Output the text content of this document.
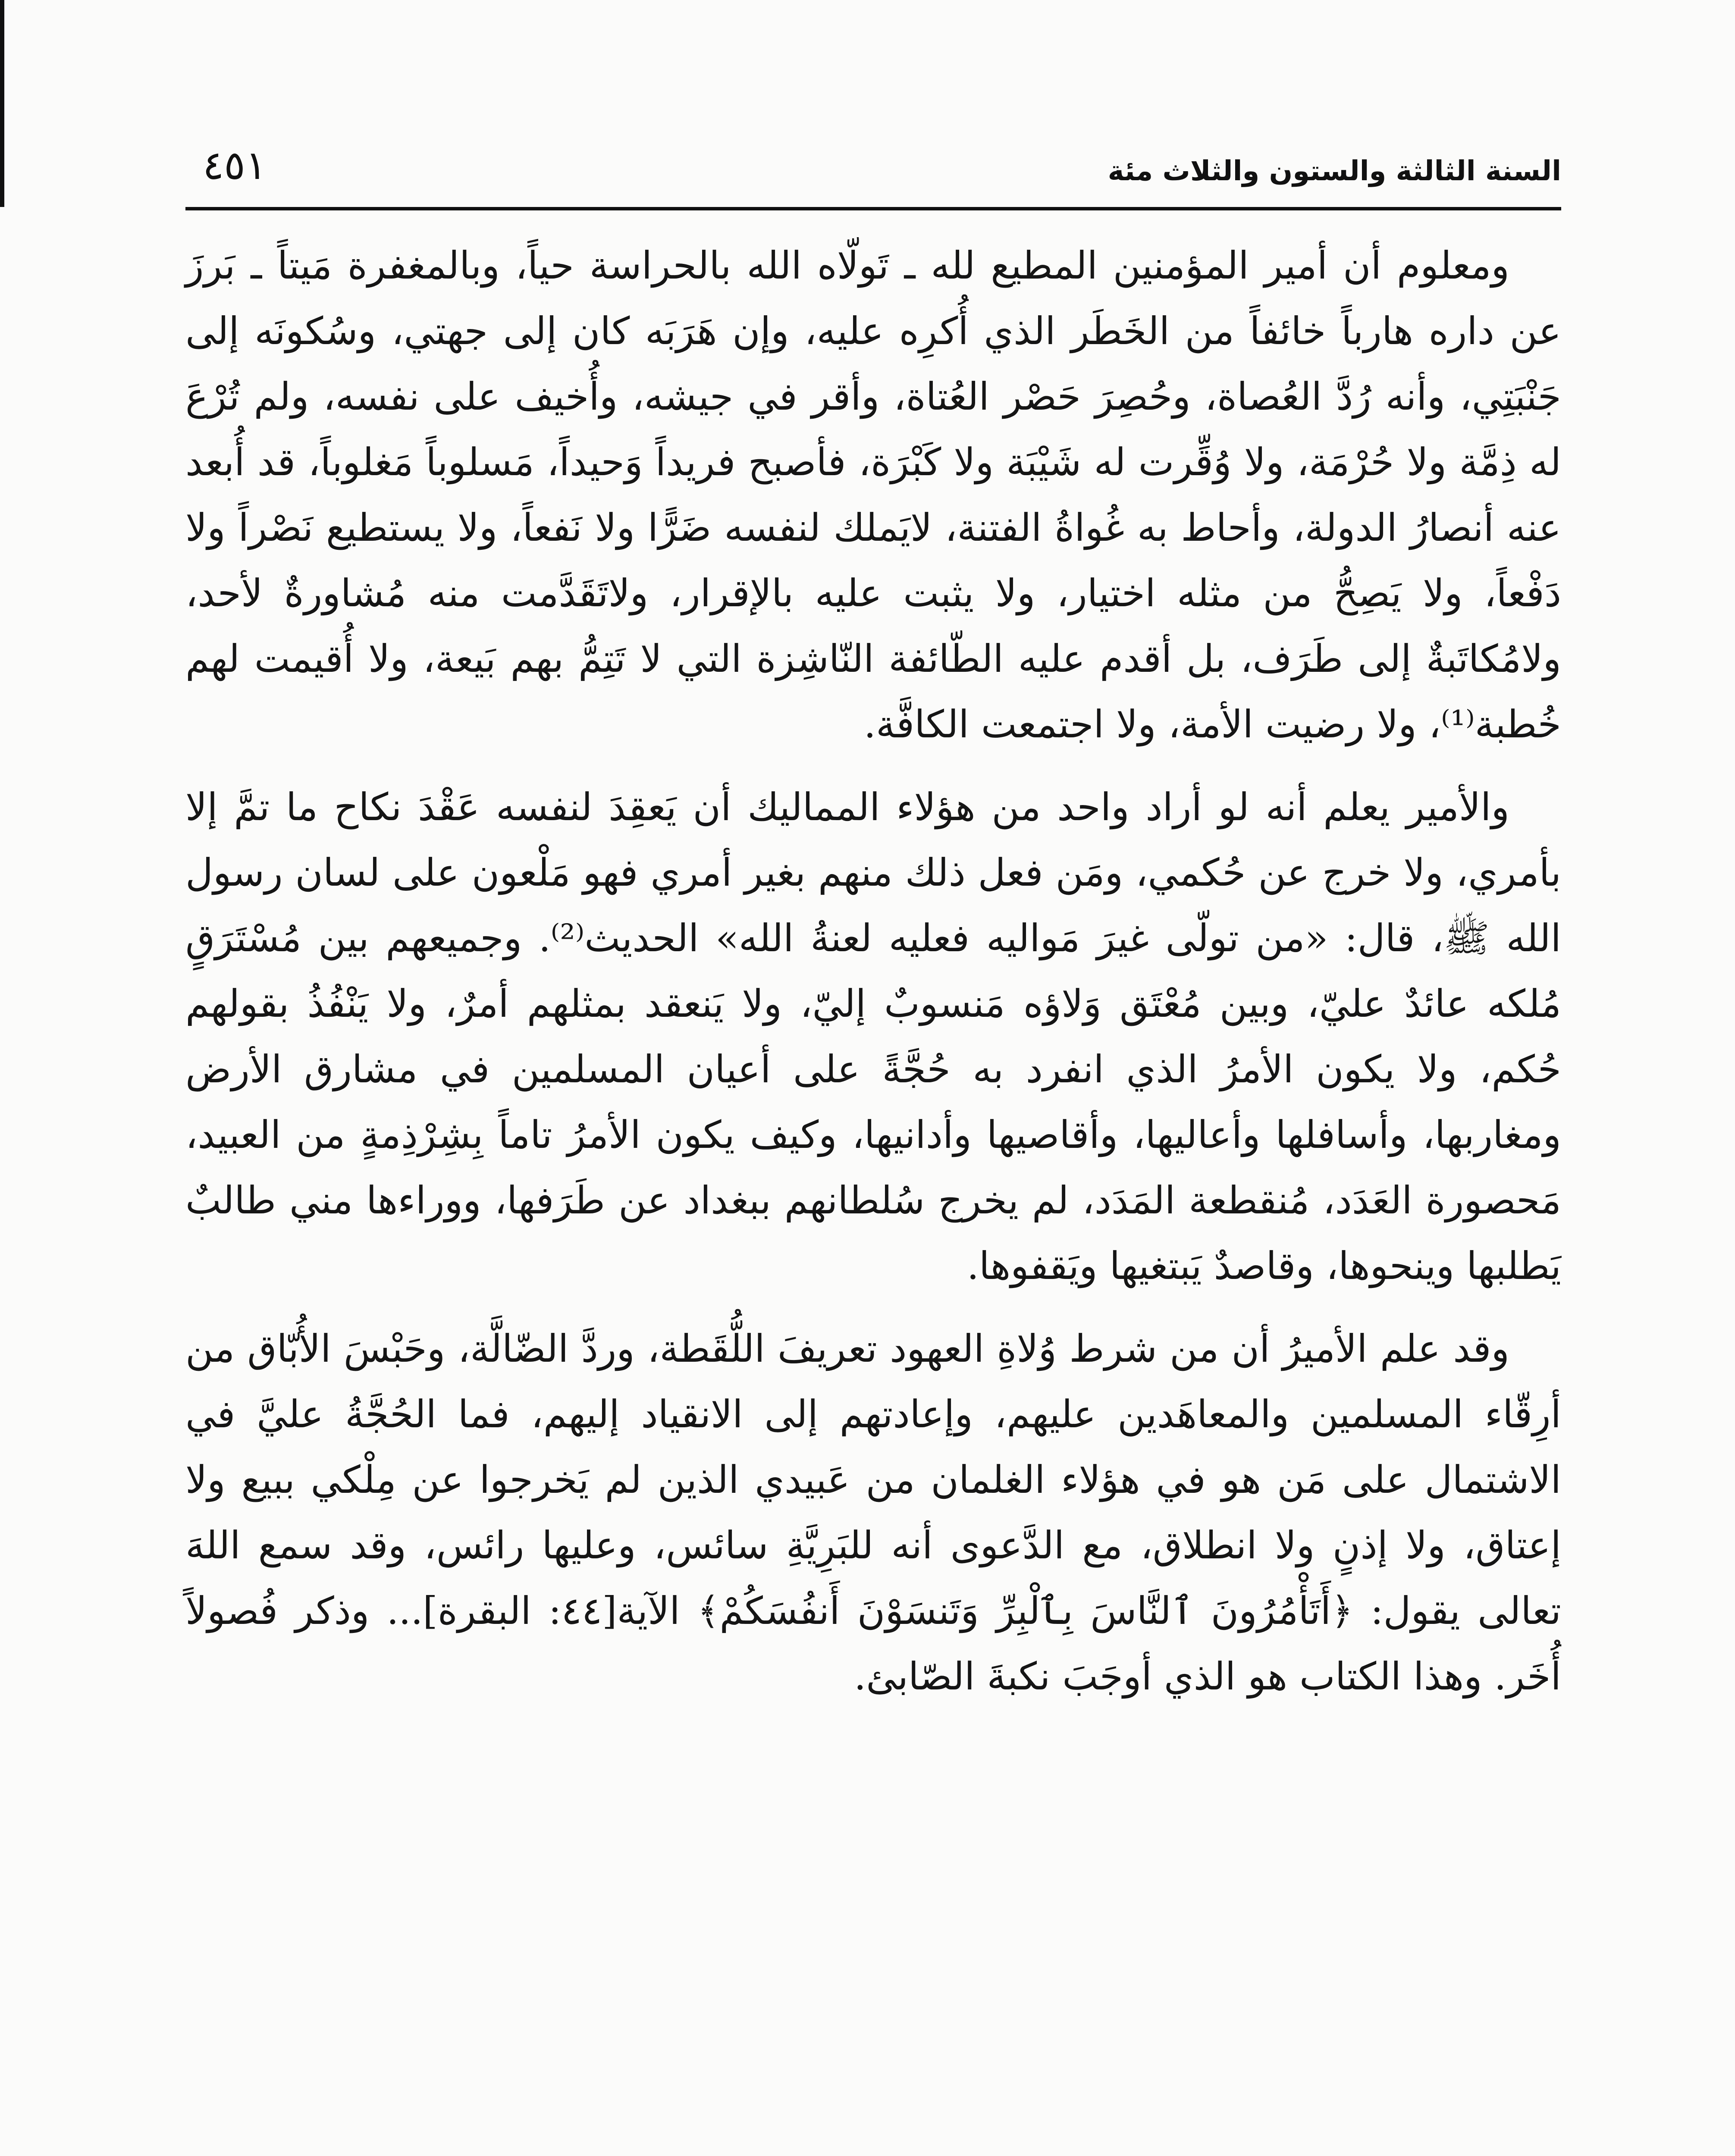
السنة الثالثة والستون والثلاث مئة
٤٥١

ومعلوم أن أمير المؤمنين المطيع لله ـ تَولّاه الله بالحراسة حياً، وبالمغفرة مَيتاً ـ بَرزَ عن داره هارباً خائفاً من الخَطَر الذي أُكرِه عليه، وإن هَرَبَه كان إلى جهتي، وسُكونَه إلى جَنْبَتِي، وأنه رُدَّ العُصاة، وحُصِرَ حَصْر العُتاة، وأقر في جيشه، وأُخيف على نفسه، ولم تُرْعَ له ذِمَّة ولا حُرْمَة، ولا وُقِّرت له شَيْبَة ولا كَبْرَة، فأصبح فريداً وَحيداً، مَسلوباً مَغلوباً، قد أُبعد عنه أنصارُ الدولة، وأحاط به غُواةُ الفتنة، لايَملك لنفسه ضَرًّا ولا نَفعاً، ولا يستطيع نَصْراً ولا دَفْعاً، ولا يَصِحُّ من مثله اختيار، ولا يثبت عليه بالإقرار، ولاتَقَدَّمت منه مُشاورةٌ لأحد، ولامُكاتَبةٌ إلى طَرَف، بل أقدم عليه الطّائفة النّاشِزة التي لا تَتِمُّ بهم بَيعة، ولا أُقيمت لهم خُطبة⁽¹⁾، ولا رضيت الأمة، ولا اجتمعت الكافَّة.

والأمير يعلم أنه لو أراد واحد من هؤلاء المماليك أن يَعقِدَ لنفسه عَقْدَ نكاح ما تمَّ إلا بأمري، ولا خرج عن حُكمي، ومَن فعل ذلك منهم بغير أمري فهو مَلْعون على لسان رسول الله ﷺ، قال: «من تولّى غيرَ مَواليه فعليه لعنةُ الله» الحديث⁽²⁾. وجميعهم بين مُسْتَرَقٍ مُلكه عائدٌ عليّ، وبين مُعْتَق وَلاؤه مَنسوبٌ إليّ، ولا يَنعقد بمثلهم أمرٌ، ولا يَنْفُذُ بقولهم حُكم، ولا يكون الأمرُ الذي انفرد به حُجَّةً على أعيان المسلمين في مشارق الأرض ومغاربها، وأسافلها وأعاليها، وأقاصيها وأدانيها، وكيف يكون الأمرُ تاماً بِشِرْذِمةٍ من العبيد، مَحصورة العَدَد، مُنقطعة المَدَد، لم يخرج سُلطانهم ببغداد عن طَرَفها، ووراءها مني طالبٌ يَطلبها وينحوها، وقاصدٌ يَبتغيها ويَقفوها.

وقد علم الأميرُ أن من شرط وُلاةِ العهود تعريفَ اللُّقَطة، وردَّ الضّالَّة، وحَبْسَ الأُبّاق من أرِقّاء المسلمين والمعاهَدين عليهم، وإعادتهم إلى الانقياد إليهم، فما الحُجَّةُ عليَّ في الاشتمال على مَن هو في هؤلاء الغلمان من عَبيدي الذين لم يَخرجوا عن مِلْكي ببيع ولا إعتاق، ولا إذنٍ ولا انطلاق، مع الدَّعوى أنه للبَرِيَّةِ سائس، وعليها رائس، وقد سمع اللهَ تعالى يقول: ﴿أَتَأْمُرُونَ ٱلنَّاسَ بِٱلْبِرِّ وَتَنسَوْنَ أَنفُسَكُمْ﴾ الآية[٤٤: البقرة]... وذكر فُصولاً أُخَر. وهذا الكتاب هو الذي أوجَبَ نكبةَ الصّابئ.
